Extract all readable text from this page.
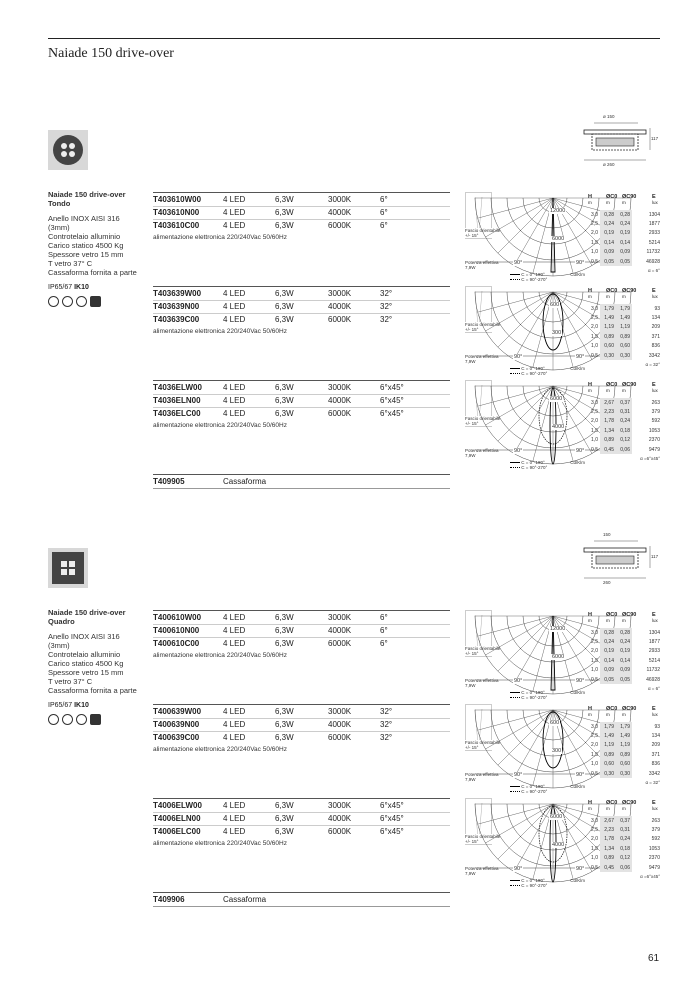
Naiade 150 drive-over
ø 150
ø 260
117
Naiade 150 drive-over
Tondo
Anello INOX AISI 316
(3mm)
Controtelaio alluminio
Carico statico 4500 Kg
Spessore vetro 15 mm
T vetro 37° C
Cassaforma fornita a parte
IP65/67 IK10
T403610W00	4 LED	6,3W	3000K	6°
T403610N00	4 LED	6,3W	4000K	6°
T403610C00	4 LED	6,3W	6000K	6°
alimentazione elettronica 220/240Vac 50/60Hz
Fascio orientabile +/- 15°
Potenza effettiva 7,9W
12000
6000
90°	90°
C = 0°-180°	Cd/Klm
C = 90°-270°
H
m
ØC0
m
ØC90
m
E
lux
3,0	0,28	0,28	1304
2,5	0,24	0,24	1877
2,0	0,19	0,19	2933
1,5	0,14	0,14	5214
1,0	0,09	0,09	11732
0,5	0,05	0,05	46928
α = 6°
T403639W00	4 LED	6,3W	3000K	32°
T403639N00	4 LED	6,3W	4000K	32°
T403639C00	4 LED	6,3W	6000K	32°
alimentazione elettronica 220/240Vac 50/60Hz
Fascio orientabile +/- 15°
Potenza effettiva 7,9W
600
300
90°	90°
C = 0°-180°	Cd/Klm
C = 90°-270°
H
m
ØC0
m
ØC90
m
E
lux
3,0	1,79	1,79	93
2,5	1,49	1,49	134
2,0	1,19	1,19	209
1,5	0,89	0,89	371
1,0	0,60	0,60	836
0,5	0,30	0,30	3342
α = 32°
T4036ELW00	4 LED	6,3W	3000K	6°x45°
T4036ELN00	4 LED	6,3W	4000K	6°x45°
T4036ELC00	4 LED	6,3W	6000K	6°x45°
alimentazione elettronica 220/240Vac 50/60Hz
Fascio orientabile +/- 15°
Potenza effettiva 7,9W
6000
4000
90°	90°
C = 0°-180°	Cd/Klm
C = 90°-270°
H
m
ØC0
m
ØC90
m
E
lux
3,0	2,67	0,37	263
2,5	2,23	0,31	379
2,0	1,78	0,24	592
1,5	1,34	0,18	1053
1,0	0,89	0,12	2370
0,5	0,45	0,06	9479
α =6°x45°
T409905	Cassaforma
150
260
117
Naiade 150 drive-over
Quadro
Anello INOX AISI 316
(3mm)
Controtelaio alluminio
Carico statico 4500 Kg
Spessore vetro 15 mm
T vetro 37° C
Cassaforma fornita a parte
IP65/67 IK10
T400610W00	4 LED	6,3W	3000K	6°
T400610N00	4 LED	6,3W	4000K	6°
T400610C00	4 LED	6,3W	6000K	6°
alimentazione elettronica 220/240Vac 50/60Hz
Fascio orientabile +/- 15°
Potenza effettiva 7,9W
12000
6000
90°	90°
C = 0°-180°	Cd/Klm
C = 90°-270°
H
m
ØC0
m
ØC90
m
E
lux
3,0	0,28	0,28	1304
2,5	0,24	0,24	1877
2,0	0,19	0,19	2933
1,5	0,14	0,14	5214
1,0	0,09	0,09	11732
0,5	0,05	0,05	46928
α = 6°
T400639W00	4 LED	6,3W	3000K	32°
T400639N00	4 LED	6,3W	4000K	32°
T400639C00	4 LED	6,3W	6000K	32°
alimentazione elettronica 220/240Vac 50/60Hz
Fascio orientabile +/- 15°
Potenza effettiva 7,9W
600
300
90°	90°
C = 0°-180°	Cd/Klm
C = 90°-270°
H
m
ØC0
m
ØC90
m
E
lux
3,0	1,79	1,79	93
2,5	1,49	1,49	134
2,0	1,19	1,19	209
1,5	0,89	0,89	371
1,0	0,60	0,60	836
0,5	0,30	0,30	3342
α = 32°
T4006ELW00	4 LED	6,3W	3000K	6°x45°
T4006ELN00	4 LED	6,3W	4000K	6°x45°
T4006ELC00	4 LED	6,3W	6000K	6°x45°
alimentazione elettronica 220/240Vac 50/60Hz
Fascio orientabile +/- 15°
Potenza effettiva 7,9W
6000
4000
90°	90°
C = 0°-180°	Cd/Klm
C = 90°-270°
H
m
ØC0
m
ØC90
m
E
lux
3,0	2,67	0,37	263
2,5	2,23	0,31	379
2,0	1,78	0,24	592
1,5	1,34	0,18	1053
1,0	0,89	0,12	2370
0,5	0,45	0,06	9479
α =6°x45°
T409906	Cassaforma
61
